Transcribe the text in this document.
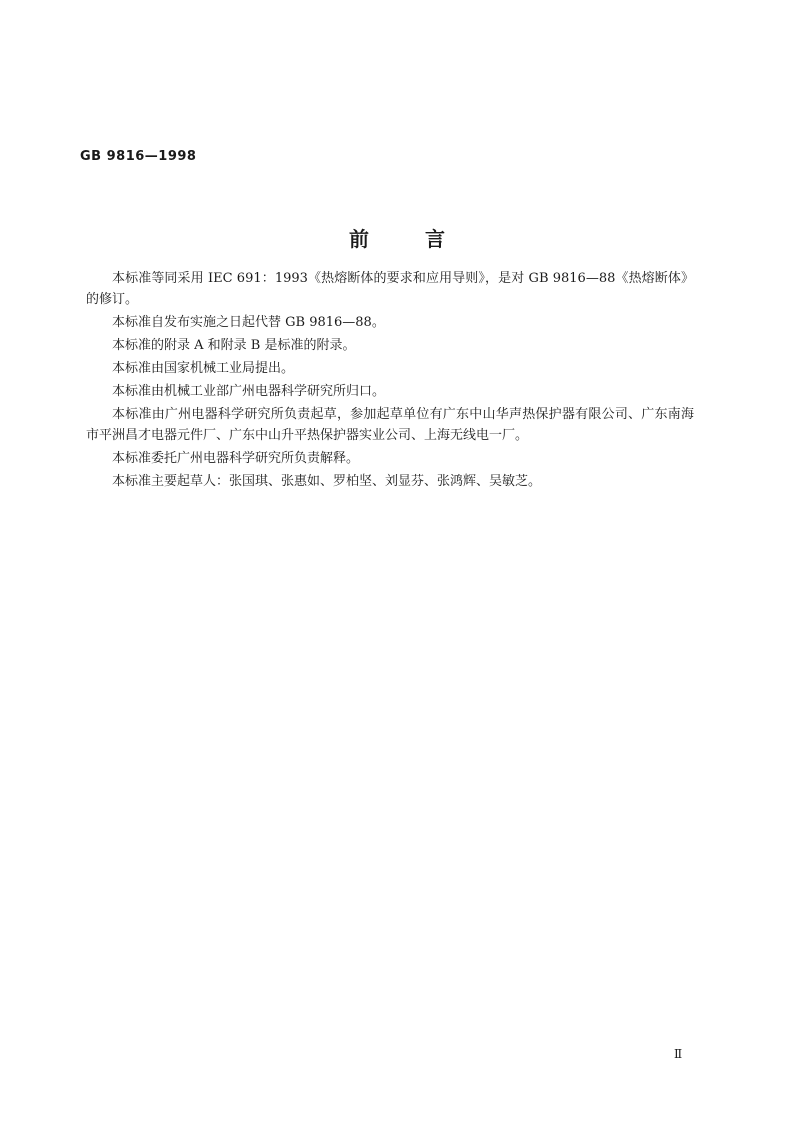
GB 9816—1998
前	言

本标准等同采用 IEC 691：1993《热熔断体的要求和应用导则》，是对 GB 9816—88《热熔断体》的修订。

本标准自发布实施之日起代替 GB 9816—88。

本标准的附录 A 和附录 B 是标准的附录。

本标准由国家机械工业局提出。

本标准由机械工业部广州电器科学研究所归口。

本标准由广州电器科学研究所负责起草，参加起草单位有广东中山华声热保护器有限公司、广东南海市平洲昌才电器元件厂、广东中山升平热保护器实业公司、上海无线电一厂。

本标准委托广州电器科学研究所负责解释。

本标准主要起草人：张国琪、张惠如、罗柏坚、刘显芬、张鸿辉、吴敏芝。

Ⅱ
